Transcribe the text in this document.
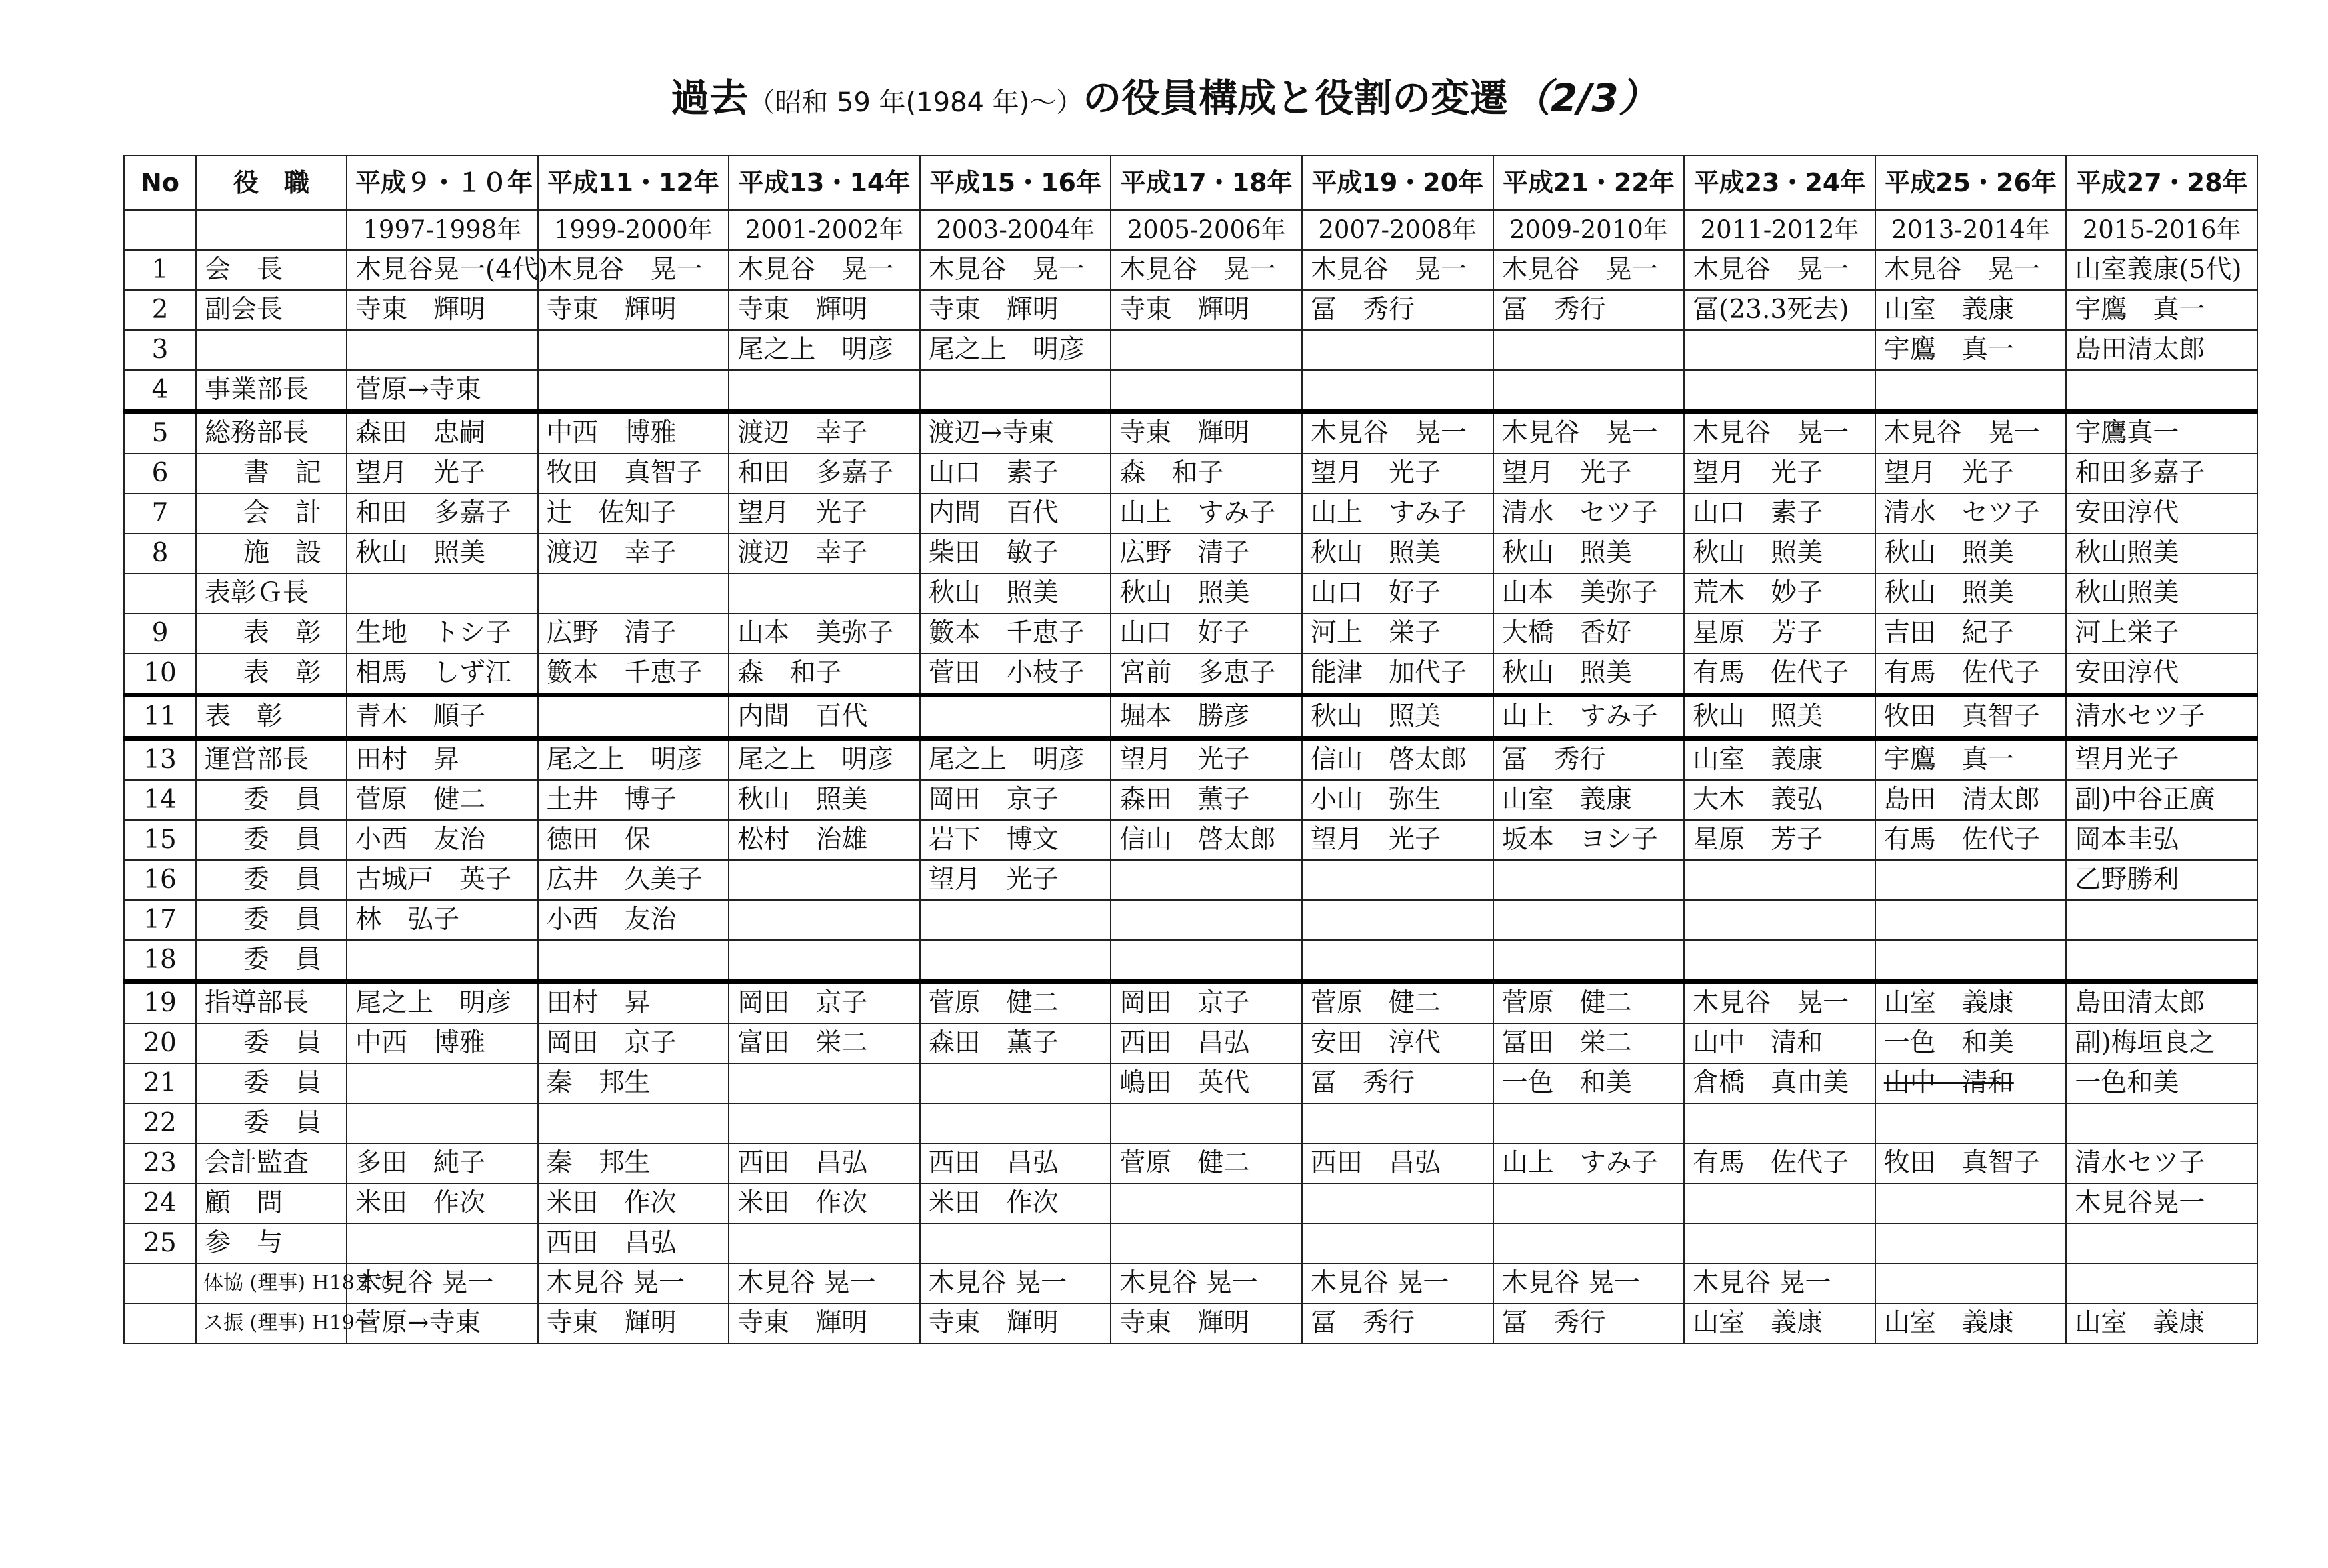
過去（昭和 59 年(1984 年)～）の役員構成と役割の変遷 （2/3）
No	役　職	平成９・１０年	平成11・12年	平成13・14年	平成15・16年	平成17・18年	平成19・20年	平成21・22年	平成23・24年	平成25・26年	平成27・28年
		1997-1998年	1999-2000年	2001-2002年	2003-2004年	2005-2006年	2007-2008年	2009-2010年	2011-2012年	2013-2014年	2015-2016年
1	会　長	木見谷晃一(4代)	木見谷　晃一	木見谷　晃一	木見谷　晃一	木見谷　晃一	木見谷　晃一	木見谷　晃一	木見谷　晃一	木見谷　晃一	山室義康(5代)
2	副会長	寺東　輝明	寺東　輝明	寺東　輝明	寺東　輝明	寺東　輝明	冨　秀行	冨　秀行	冨(23.3死去)	山室　義康	宇鷹　真一
3				尾之上　明彦	尾之上　明彦					宇鷹　真一	島田清太郎
4	事業部長	菅原→寺東									
5	総務部長	森田　忠嗣	中西　博雅	渡辺　幸子	渡辺→寺東	寺東　輝明	木見谷　晃一	木見谷　晃一	木見谷　晃一	木見谷　晃一	宇鷹真一
6	書　記	望月　光子	牧田　真智子	和田　多嘉子	山口　素子	森　和子	望月　光子	望月　光子	望月　光子	望月　光子	和田多嘉子
7	会　計	和田　多嘉子	辻　佐知子	望月　光子	内間　百代	山上　すみ子	山上　すみ子	清水　セツ子	山口　素子	清水　セツ子	安田淳代
8	施　設	秋山　照美	渡辺　幸子	渡辺　幸子	柴田　敏子	広野　清子	秋山　照美	秋山　照美	秋山　照美	秋山　照美	秋山照美
	表彰Ｇ長				秋山　照美	秋山　照美	山口　好子	山本　美弥子	荒木　妙子	秋山　照美	秋山照美
9	表　彰	生地　トシ子	広野　清子	山本　美弥子	籔本　千恵子	山口　好子	河上　栄子	大橋　香好	星原　芳子	吉田　紀子	河上栄子
10	表　彰	相馬　しず江	籔本　千恵子	森　和子	菅田　小枝子	宮前　多恵子	能津　加代子	秋山　照美	有馬　佐代子	有馬　佐代子	安田淳代
11	表　彰	青木　順子		内間　百代		堀本　勝彦	秋山　照美	山上　すみ子	秋山　照美	牧田　真智子	清水セツ子
13	運営部長	田村　昇	尾之上　明彦	尾之上　明彦	尾之上　明彦	望月　光子	信山　啓太郎	冨　秀行	山室　義康	宇鷹　真一	望月光子
14	委　員	菅原　健二	土井　博子	秋山　照美	岡田　京子	森田　薫子	小山　弥生	山室　義康	大木　義弘	島田　清太郎	副)中谷正廣
15	委　員	小西　友治	徳田　保	松村　治雄	岩下　博文	信山　啓太郎	望月　光子	坂本　ヨシ子	星原　芳子	有馬　佐代子	岡本圭弘
16	委　員	古城戸　英子	広井　久美子		望月　光子						乙野勝利
17	委　員	林　弘子	小西　友治								
18	委　員										
19	指導部長	尾之上　明彦	田村　昇	岡田　京子	菅原　健二	岡田　京子	菅原　健二	菅原　健二	木見谷　晃一	山室　義康	島田清太郎
20	委　員	中西　博雅	岡田　京子	富田　栄二	森田　薫子	西田　昌弘	安田　淳代	冨田　栄二	山中　清和	一色　和美	副)梅垣良之
21	委　員		秦　邦生			嶋田　英代	冨　秀行	一色　和美	倉橋　真由美	山中　清和	一色和美
22	委　員										
23	会計監査	多田　純子	秦　邦生	西田　昌弘	西田　昌弘	菅原　健二	西田　昌弘	山上　すみ子	有馬　佐代子	牧田　真智子	清水セツ子
24	顧　問	米田　作次	米田　作次	米田　作次	米田　作次						木見谷晃一
25	参　与		西田　昌弘								
	体協 (理事) H18まで	木見谷 晃一	木見谷 晃一	木見谷 晃一	木見谷 晃一	木見谷 晃一	木見谷 晃一	木見谷 晃一	木見谷 晃一		
	ス振 (理事) H19～	菅原→寺東	寺東　輝明	寺東　輝明	寺東　輝明	寺東　輝明	冨　秀行	冨　秀行	山室　義康	山室　義康	山室　義康
